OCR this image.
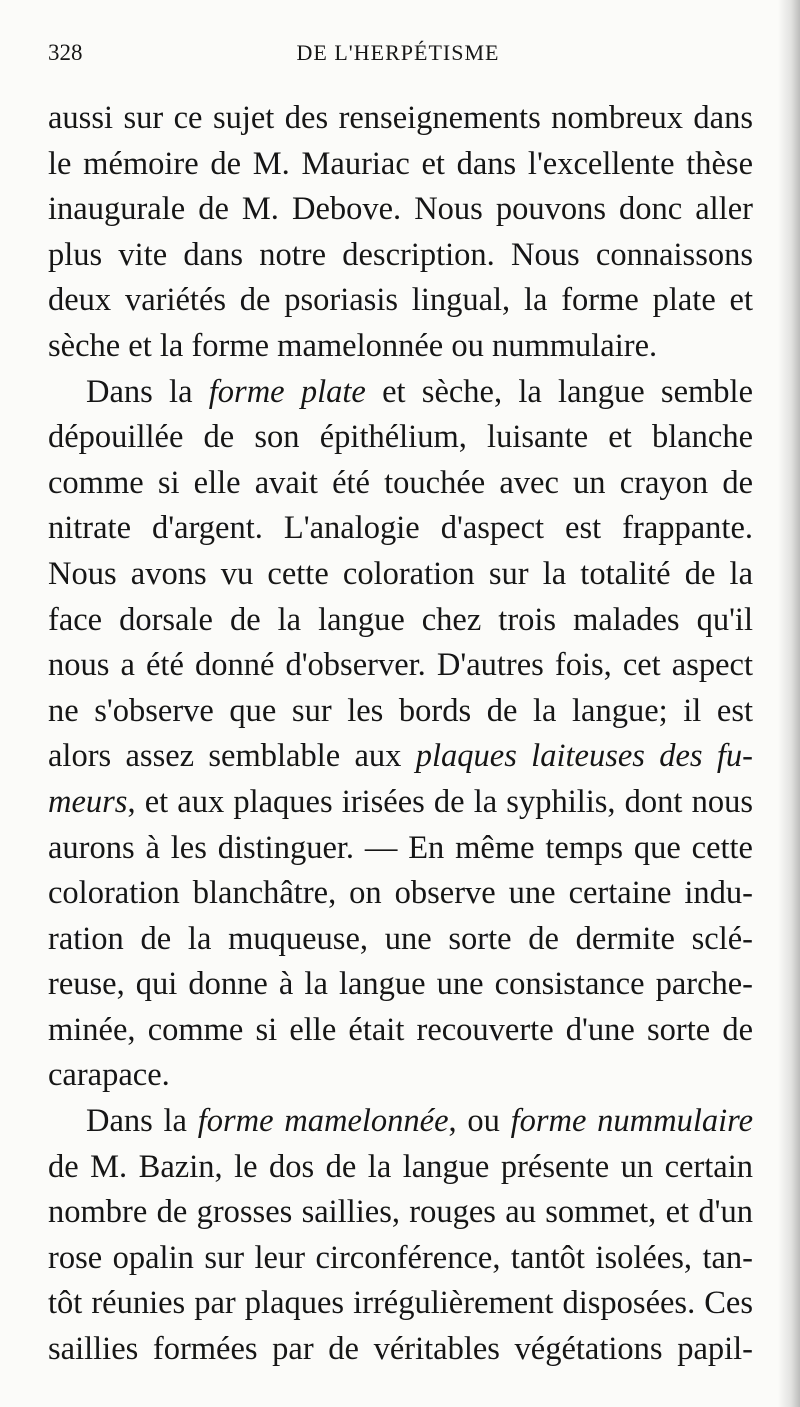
328	DE L'HERPÉTISME
aussi sur ce sujet des renseignements nombreux dans
le mémoire de M. Mauriac et dans l'excellente thèse
inaugurale de M. Debove. Nous pouvons donc aller
plus vite dans notre description. Nous connaissons
deux variétés de psoriasis lingual, la forme plate et
sèche et la forme mamelonnée ou nummulaire.
Dans la forme plate et sèche, la langue semble
dépouillée de son épithélium, luisante et blanche
comme si elle avait été touchée avec un crayon de
nitrate d'argent. L'analogie d'aspect est frappante.
Nous avons vu cette coloration sur la totalité de la
face dorsale de la langue chez trois malades qu'il
nous a été donné d'observer. D'autres fois, cet aspect
ne s'observe que sur les bords de la langue; il est
alors assez semblable aux plaques laiteuses des fu-
meurs, et aux plaques irisées de la syphilis, dont nous
aurons à les distinguer. — En même temps que cette
coloration blanchâtre, on observe une certaine indu-
ration de la muqueuse, une sorte de dermite sclé-
reuse, qui donne à la langue une consistance parche-
minée, comme si elle était recouverte d'une sorte de
carapace.
Dans la forme mamelonnée, ou forme nummulaire
de M. Bazin, le dos de la langue présente un certain
nombre de grosses saillies, rouges au sommet, et d'un
rose opalin sur leur circonférence, tantôt isolées, tan-
tôt réunies par plaques irrégulièrement disposées. Ces
saillies formées par de véritables végétations papil-
